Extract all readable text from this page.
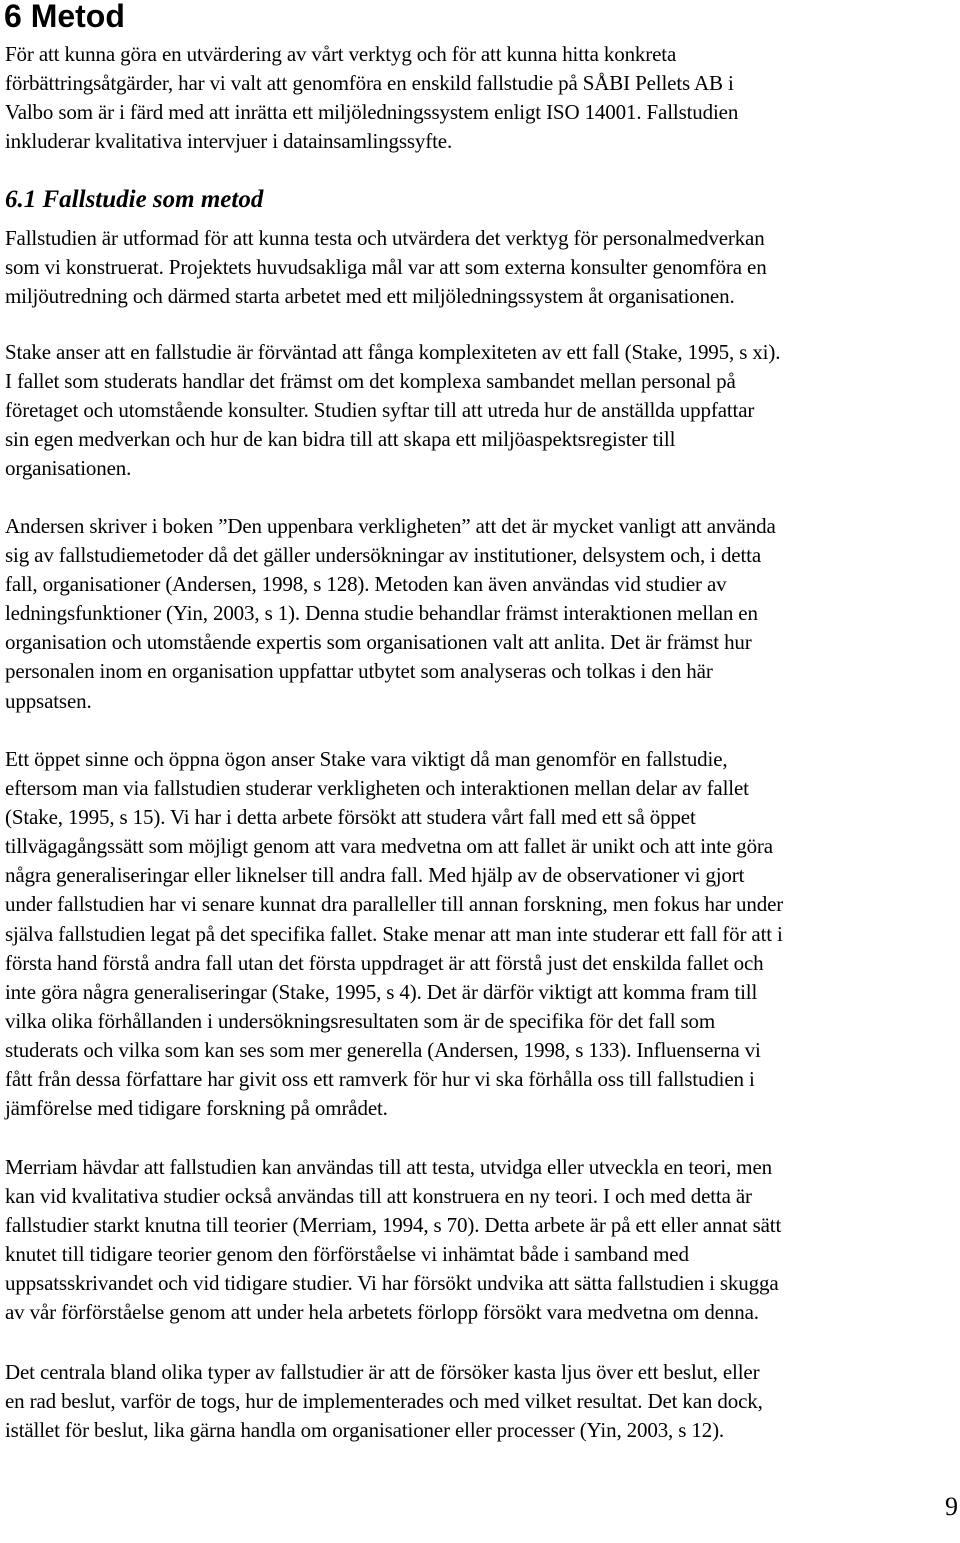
6 Metod

För att kunna göra en utvärdering av vårt verktyg och för att kunna hitta konkreta
förbättringsåtgärder, har vi valt att genomföra en enskild fallstudie på SÅBI Pellets AB i
Valbo som är i färd med att inrätta ett miljöledningssystem enligt ISO 14001. Fallstudien
inkluderar kvalitativa intervjuer i datainsamlingssyfte.

6.1 Fallstudie som metod

Fallstudien är utformad för att kunna testa och utvärdera det verktyg för personalmedverkan
som vi konstruerat. Projektets huvudsakliga mål var att som externa konsulter genomföra en
miljöutredning och därmed starta arbetet med ett miljöledningssystem åt organisationen.

Stake anser att en fallstudie är förväntad att fånga komplexiteten av ett fall (Stake, 1995, s xi).
I fallet som studerats handlar det främst om det komplexa sambandet mellan personal på
företaget och utomstående konsulter. Studien syftar till att utreda hur de anställda uppfattar
sin egen medverkan och hur de kan bidra till att skapa ett miljöaspektsregister till
organisationen.

Andersen skriver i boken ”Den uppenbara verkligheten” att det är mycket vanligt att använda
sig av fallstudiemetoder då det gäller undersökningar av institutioner, delsystem och, i detta
fall, organisationer (Andersen, 1998, s 128). Metoden kan även användas vid studier av
ledningsfunktioner (Yin, 2003, s 1). Denna studie behandlar främst interaktionen mellan en
organisation och utomstående expertis som organisationen valt att anlita. Det är främst hur
personalen inom en organisation uppfattar utbytet som analyseras och tolkas i den här
uppsatsen.

Ett öppet sinne och öppna ögon anser Stake vara viktigt då man genomför en fallstudie,
eftersom man via fallstudien studerar verkligheten och interaktionen mellan delar av fallet
(Stake, 1995, s 15). Vi har i detta arbete försökt att studera vårt fall med ett så öppet
tillvägagångssätt som möjligt genom att vara medvetna om att fallet är unikt och att inte göra
några generaliseringar eller liknelser till andra fall. Med hjälp av de observationer vi gjort
under fallstudien har vi senare kunnat dra paralleller till annan forskning, men fokus har under
själva fallstudien legat på det specifika fallet. Stake menar att man inte studerar ett fall för att i
första hand förstå andra fall utan det första uppdraget är att förstå just det enskilda fallet och
inte göra några generaliseringar (Stake, 1995, s 4). Det är därför viktigt att komma fram till
vilka olika förhållanden i undersökningsresultaten som är de specifika för det fall som
studerats och vilka som kan ses som mer generella (Andersen, 1998, s 133). Influenserna vi
fått från dessa författare har givit oss ett ramverk för hur vi ska förhålla oss till fallstudien i
jämförelse med tidigare forskning på området.

Merriam hävdar att fallstudien kan användas till att testa, utvidga eller utveckla en teori, men
kan vid kvalitativa studier också användas till att konstruera en ny teori. I och med detta är
fallstudier starkt knutna till teorier (Merriam, 1994, s 70). Detta arbete är på ett eller annat sätt
knutet till tidigare teorier genom den förförståelse vi inhämtat både i samband med
uppsatsskrivandet och vid tidigare studier. Vi har försökt undvika att sätta fallstudien i skugga
av vår förförståelse genom att under hela arbetets förlopp försökt vara medvetna om denna.

Det centrala bland olika typer av fallstudier är att de försöker kasta ljus över ett beslut, eller
en rad beslut, varför de togs, hur de implementerades och med vilket resultat. Det kan dock,
istället för beslut, lika gärna handla om organisationer eller processer (Yin, 2003, s 12).

9
